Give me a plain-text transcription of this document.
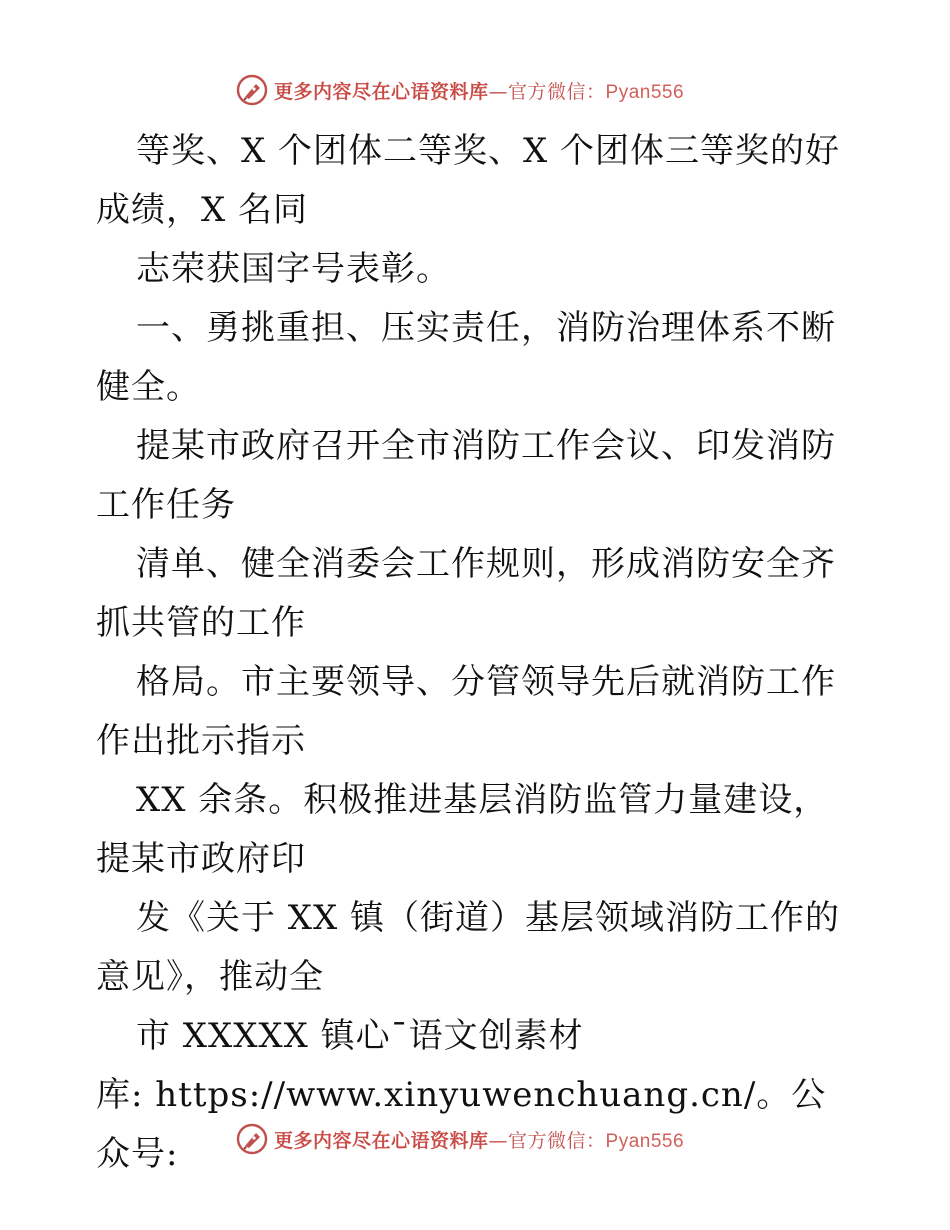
更多内容尽在心语资料库—官方微信：Pyan556

等奖、X 个团体二等奖、X 个团体三等奖的好成绩，X 名同

志荣获国字号表彰。

一、勇挑重担、压实责任，消防治理体系不断健全。

提某市政府召开全市消防工作会议、印发消防工作任务

清单、健全消委会工作规则，形成消防安全齐抓共管的工作

格局。市主要领导、分管领导先后就消防工作作出批示指示

XX 余条。积极推进基层消防监管力量建设，提某市政府印

发《关于 XX 镇（街道）基层领域消防工作的意见》，推动全

市 XXXXX 镇心¯语文创素材

库: https://www.xinyuwenchuang.cn/。公众号:	更多内容尽在心语资料库—官方微信：Pyan556
